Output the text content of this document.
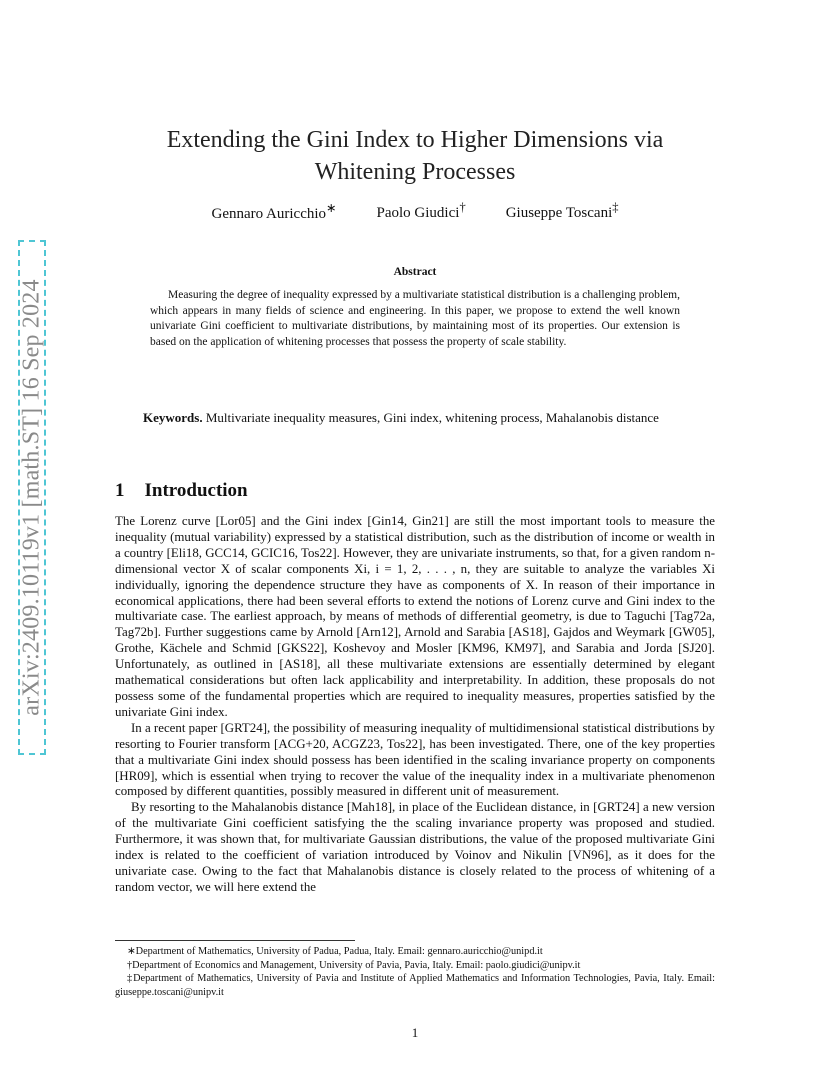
arXiv:2409.10119v1 [math.ST] 16 Sep 2024
Extending the Gini Index to Higher Dimensions via
Whitening Processes
Gennaro Auricchio∗	Paolo Giudici†	Giuseppe Toscani‡
Abstract
Measuring the degree of inequality expressed by a multivariate statistical distribution is a challenging problem, which appears in many fields of science and engineering. In this paper, we propose to extend the well known univariate Gini coefficient to multivariate distributions, by maintaining most of its properties. Our extension is based on the application of whitening processes that possess the property of scale stability.
Keywords. Multivariate inequality measures, Gini index, whitening process, Mahalanobis distance
1 Introduction

The Lorenz curve [Lor05] and the Gini index [Gin14, Gin21] are still the most important tools to measure the inequality (mutual variability) expressed by a statistical distribution, such as the distribution of income or wealth in a country [Eli18, GCC14, GCIC16, Tos22]. However, they are univariate instruments, so that, for a given random n-dimensional vector X of scalar components Xi, i = 1, 2, . . . , n, they are suitable to analyze the variables Xi individually, ignoring the dependence structure they have as components of X. In reason of their importance in economical applications, there had been several efforts to extend the notions of Lorenz curve and Gini index to the multivariate case. The earliest approach, by means of methods of differential geometry, is due to Taguchi [Tag72a, Tag72b]. Further suggestions came by Arnold [Arn12], Arnold and Sarabia [AS18], Gajdos and Weymark [GW05], Grothe, Kächele and Schmid [GKS22], Koshevoy and Mosler [KM96, KM97], and Sarabia and Jorda [SJ20]. Unfortunately, as outlined in [AS18], all these multivariate extensions are essentially determined by elegant mathematical considerations but often lack applicability and interpretability. In addition, these proposals do not possess some of the fundamental properties which are required to inequality measures, properties satisfied by the univariate Gini index.

In a recent paper [GRT24], the possibility of measuring inequality of multidimensional statistical distributions by resorting to Fourier transform [ACG+20, ACGZ23, Tos22], has been investigated. There, one of the key properties that a multivariate Gini index should possess has been identified in the scaling invariance property on components [HR09], which is essential when trying to recover the value of the inequality index in a multivariate phenomenon composed by different quantities, possibly measured in different unit of measurement.

By resorting to the Mahalanobis distance [Mah18], in place of the Euclidean distance, in [GRT24] a new version of the multivariate Gini coefficient satisfying the the scaling invariance property was proposed and studied. Furthermore, it was shown that, for multivariate Gaussian distributions, the value of the proposed multivariate Gini index is related to the coefficient of variation introduced by Voinov and Nikulin [VN96], as it does for the univariate case. Owing to the fact that Mahalanobis distance is closely related to the process of whitening of a random vector, we will here extend the

∗Department of Mathematics, University of Padua, Padua, Italy. Email: gennaro.auricchio@unipd.it
†Department of Economics and Management, University of Pavia, Pavia, Italy. Email: paolo.giudici@unipv.it
‡Department of Mathematics, University of Pavia and Institute of Applied Mathematics and Information Technologies, Pavia, Italy. Email: giuseppe.toscani@unipv.it
1
